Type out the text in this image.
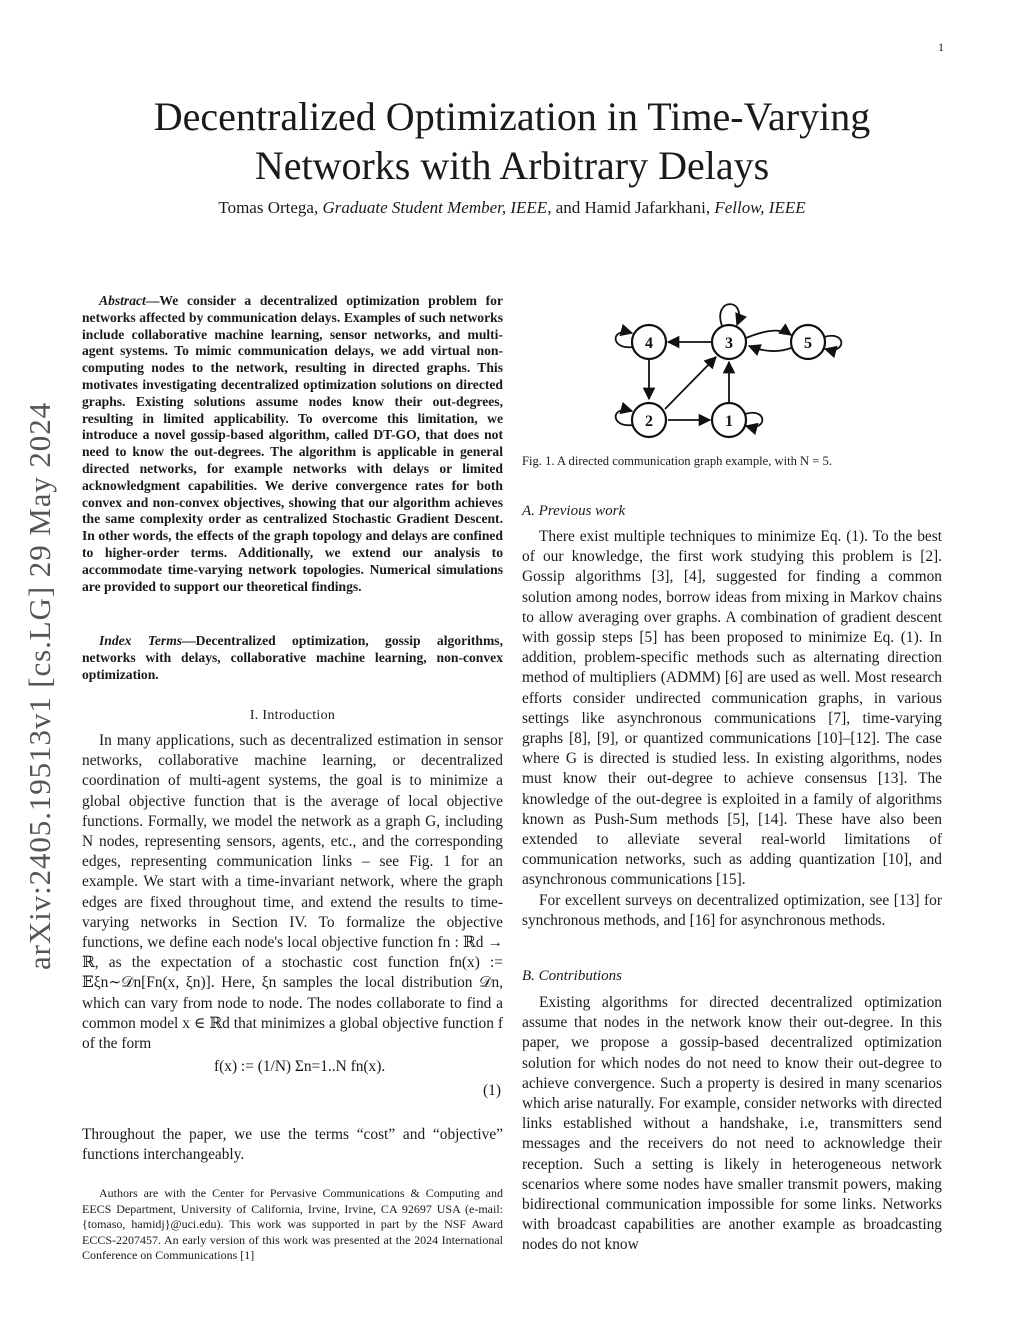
1
arXiv:2405.19513v1 [cs.LG] 29 May 2024
Decentralized Optimization in Time-Varying Networks with Arbitrary Delays
Tomas Ortega, Graduate Student Member, IEEE, and Hamid Jafarkhani, Fellow, IEEE

Abstract—We consider a decentralized optimization problem for networks affected by communication delays. Examples of such networks include collaborative machine learning, sensor networks, and multi-agent systems. To mimic communication delays, we add virtual non-computing nodes to the network, resulting in directed graphs. This motivates investigating decentralized optimization solutions on directed graphs. Existing solutions assume nodes know their out-degrees, resulting in limited applicability. To overcome this limitation, we introduce a novel gossip-based algorithm, called DT-GO, that does not need to know the out-degrees. The algorithm is applicable in general directed networks, for example networks with delays or limited acknowledgment capabilities. We derive convergence rates for both convex and non-convex objectives, showing that our algorithm achieves the same complexity order as centralized Stochastic Gradient Descent. In other words, the effects of the graph topology and delays are confined to higher-order terms. Additionally, we extend our analysis to accommodate time-varying network topologies. Numerical simulations are provided to support our theoretical findings.

Index Terms—Decentralized optimization, gossip algorithms, networks with delays, collaborative machine learning, non-convex optimization.

I. Introduction

In many applications, such as decentralized estimation in sensor networks, collaborative machine learning, or decentralized coordination of multi-agent systems, the goal is to minimize a global objective function that is the average of local objective functions. Formally, we model the network as a graph G, including N nodes, representing sensors, agents, etc., and the corresponding edges, representing communication links – see Fig. 1 for an example. We start with a time-invariant network, where the graph edges are fixed throughout time, and extend the results to time-varying networks in Section IV. To formalize the objective functions, we define each node's local objective function fn : ℝd → ℝ, as the expectation of a stochastic cost function fn(x) := 𝔼ξn∼𝒟n[Fn(x, ξn)]. Here, ξn samples the local distribution 𝒟n, which can vary from node to node. The nodes collaborate to find a common model x ∈ ℝd that minimizes a global objective function f of the form

f(x) := (1/N) Σn=1..N fn(x).
(1)

Throughout the paper, we use the terms “cost” and “objective” functions interchangeably.

Authors are with the Center for Pervasive Communications & Computing and EECS Department, University of California, Irvine, Irvine, CA 92697 USA (e-mail: {tomaso, hamidj}@uci.edu). This work was supported in part by the NSF Award ECCS-2207457. An early version of this work was presented at the 2024 International Conference on Communications [1]

4	3	5
2	1
Fig. 1. A directed communication graph example, with N = 5.
A. Previous work

There exist multiple techniques to minimize Eq. (1). To the best of our knowledge, the first work studying this problem is [2]. Gossip algorithms [3], [4], suggested for finding a common solution among nodes, borrow ideas from mixing in Markov chains to allow averaging over graphs. A combination of gradient descent with gossip steps [5] has been proposed to minimize Eq. (1). In addition, problem-specific methods such as alternating direction method of multipliers (ADMM) [6] are used as well. Most research efforts consider undirected communication graphs, in various settings like asynchronous communications [7], time-varying graphs [8], [9], or quantized communications [10]–[12]. The case where G is directed is studied less. In existing algorithms, nodes must know their out-degree to achieve consensus [13]. The knowledge of the out-degree is exploited in a family of algorithms known as Push-Sum methods [5], [14]. These have also been extended to alleviate several real-world limitations of communication networks, such as adding quantization [10], and asynchronous communications [15].

For excellent surveys on decentralized optimization, see [13] for synchronous methods, and [16] for asynchronous methods.

B. Contributions

Existing algorithms for directed decentralized optimization assume that nodes in the network know their out-degree. In this paper, we propose a gossip-based decentralized optimization solution for which nodes do not need to know their out-degree to achieve convergence. Such a property is desired in many scenarios which arise naturally. For example, consider networks with directed links established without a handshake, i.e, transmitters send messages and the receivers do not need to acknowledge their reception. Such a setting is likely in heterogeneous network scenarios where some nodes have smaller transmit powers, making bidirectional communication impossible for some links. Networks with broadcast capabilities are another example as broadcasting nodes do not know
